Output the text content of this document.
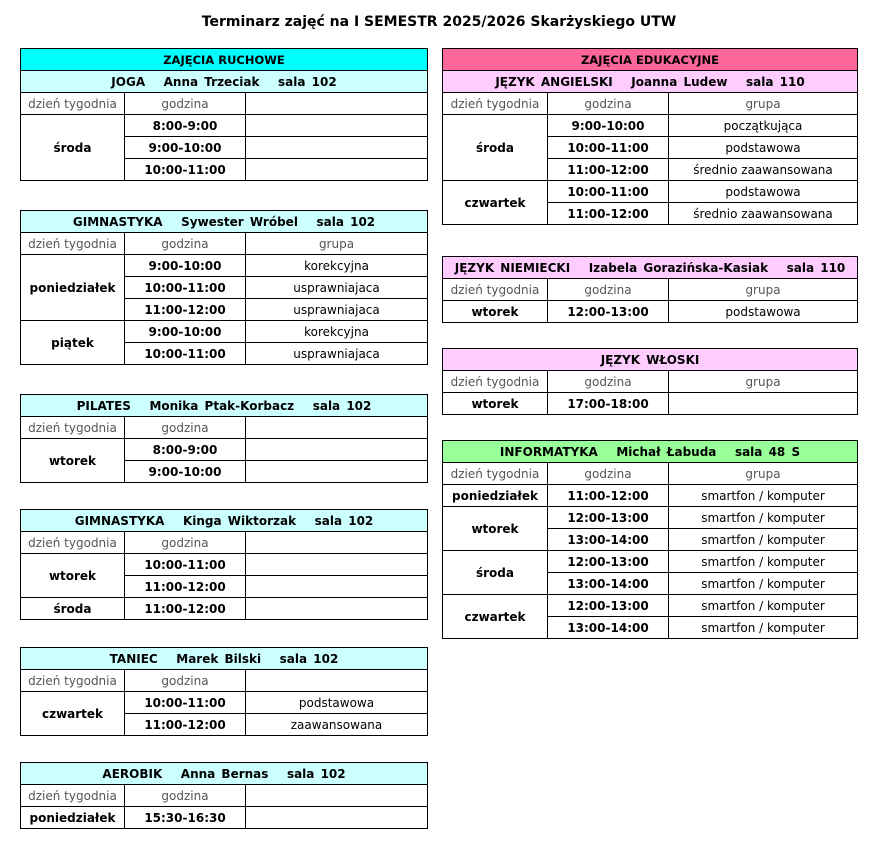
Terminarz zajęć na I SEMESTR 2025/2026 Skarżyskiego UTW
ZAJĘCIA RUCHOWE		
JOGA   Anna Trzeciak   sala 102		
dzień tygodnia	godzina	
środa	8:00-9:00	
	9:00-10:00	
	10:00-11:00	
GIMNASTYKA   Sywester Wróbel   sala 102		
dzień tygodnia	godzina	grupa
poniedziałek	9:00-10:00	korekcyjna
	10:00-11:00	usprawniajaca
	11:00-12:00	usprawniajaca
piątek	9:00-10:00	korekcyjna
	10:00-11:00	usprawniajaca
PILATES   Monika Ptak-Korbacz   sala 102		
dzień tygodnia	godzina	
wtorek	8:00-9:00	
	9:00-10:00	
GIMNASTYKA   Kinga Wiktorzak   sala 102		
dzień tygodnia	godzina	
wtorek	10:00-11:00	
	11:00-12:00	
środa	11:00-12:00	
TANIEC   Marek Bilski   sala 102		
dzień tygodnia	godzina	
czwartek	10:00-11:00	podstawowa
	11:00-12:00	zaawansowana
AEROBIK   Anna Bernas   sala 102		
dzień tygodnia	godzina	
poniedziałek	15:30-16:30	
ZAJĘCIA EDUKACYJNE		
JĘZYK ANGIELSKI   Joanna Ludew   sala 110		
dzień tygodnia	godzina	grupa
środa	9:00-10:00	początkująca
	10:00-11:00	podstawowa
	11:00-12:00	średnio zaawansowana
czwartek	10:00-11:00	podstawowa
	11:00-12:00	średnio zaawansowana
JĘZYK NIEMIECKI   Izabela Gorazińska-Kasiak   sala 110		
dzień tygodnia	godzina	grupa
wtorek	12:00-13:00	podstawowa
JĘZYK WŁOSKI		
dzień tygodnia	godzina	grupa
wtorek	17:00-18:00	
INFORMATYKA   Michał Łabuda   sala 48 S		
dzień tygodnia	godzina	grupa
poniedziałek	11:00-12:00	smartfon / komputer
wtorek	12:00-13:00	smartfon / komputer
	13:00-14:00	smartfon / komputer
środa	12:00-13:00	smartfon / komputer
	13:00-14:00	smartfon / komputer
czwartek	12:00-13:00	smartfon / komputer
	13:00-14:00	smartfon / komputer
